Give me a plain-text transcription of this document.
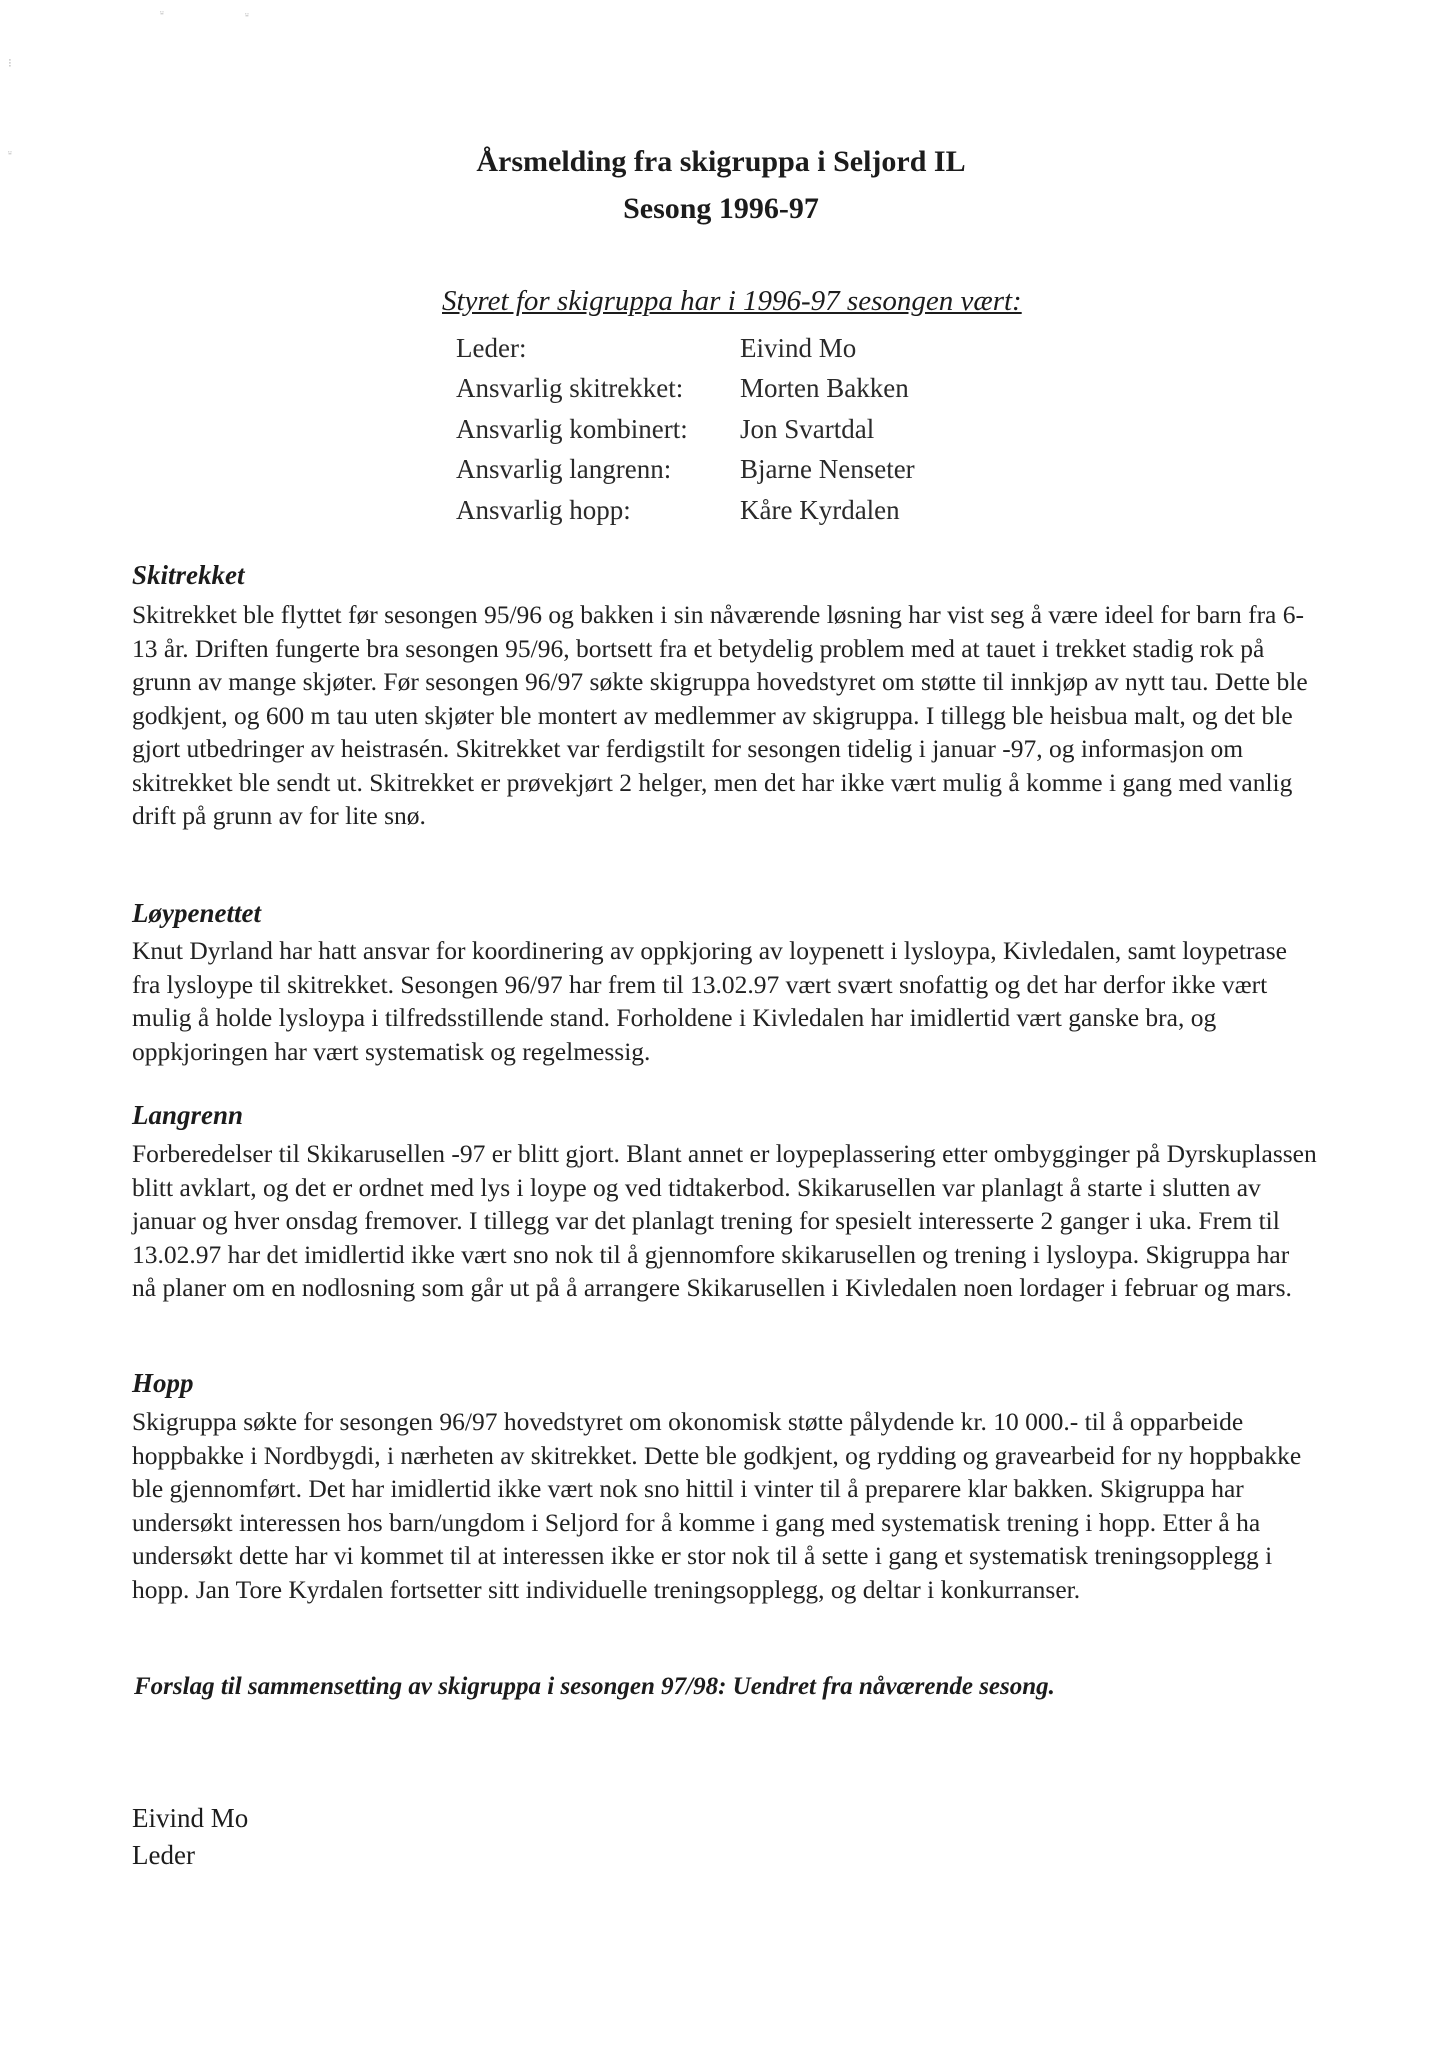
⸚	⸚
⁝
⸚	Årsmelding fra skigruppa i Seljord IL
Sesong 1996-97

Styret for skigruppa har i 1996-97 sesongen vært:

Leder:	Eivind Mo
Ansvarlig skitrekket:	Morten Bakken
Ansvarlig kombinert:	Jon Svartdal
Ansvarlig langrenn:	Bjarne Nenseter
Ansvarlig hopp:	Kåre Kyrdalen
Skitrekket

Skitrekket ble flyttet før sesongen 95/96 og bakken i sin nåværende løsning har vist seg å være ideel for barn fra 6-13 år. Driften fungerte bra sesongen 95/96, bortsett fra et betydelig problem med at tauet i trekket stadig rok på grunn av mange skjøter. Før sesongen 96/97 søkte skigruppa hovedstyret om støtte til innkjøp av nytt tau. Dette ble godkjent, og 600 m tau uten skjøter ble montert av medlemmer av skigruppa. I tillegg ble heisbua malt, og det ble gjort utbedringer av heistrasén. Skitrekket var ferdigstilt for sesongen tidelig i januar -97, og informasjon om skitrekket ble sendt ut. Skitrekket er prøvekjørt 2 helger, men det har ikke vært mulig å komme i gang med vanlig drift på grunn av for lite snø.

Løypenettet

Knut Dyrland har hatt ansvar for koordinering av oppkjoring av loypenett i lysloypa, Kivledalen, samt loypetrase fra lysloype til skitrekket. Sesongen 96/97 har frem til 13.02.97 vært svært snofattig og det har derfor ikke vært mulig å holde lysloypa i tilfredsstillende stand. Forholdene i Kivledalen har imidlertid vært ganske bra, og oppkjoringen har vært systematisk og regelmessig.

Langrenn

Forberedelser til Skikarusellen -97 er blitt gjort. Blant annet er loypeplassering etter ombygginger på Dyrskuplassen blitt avklart, og det er ordnet med lys i loype og ved tidtakerbod. Skikarusellen var planlagt å starte i slutten av januar og hver onsdag fremover. I tillegg var det planlagt trening for spesielt interesserte 2 ganger i uka. Frem til 13.02.97 har det imidlertid ikke vært sno nok til å gjennomfore skikarusellen og trening i lysloypa. Skigruppa har nå planer om en nodlosning som går ut på å arrangere Skikarusellen i Kivledalen noen lordager i februar og mars.

Hopp

Skigruppa søkte for sesongen 96/97 hovedstyret om okonomisk støtte pålydende kr. 10 000.- til å opparbeide hoppbakke i Nordbygdi, i nærheten av skitrekket. Dette ble godkjent, og rydding og gravearbeid for ny hoppbakke ble gjennomført. Det har imidlertid ikke vært nok sno hittil i vinter til å preparere klar bakken. Skigruppa har undersøkt interessen hos barn/ungdom i Seljord for å komme i gang med systematisk trening i hopp. Etter å ha undersøkt dette har vi kommet til at interessen ikke er stor nok til å sette i gang et systematisk treningsopplegg i hopp. Jan Tore Kyrdalen fortsetter sitt individuelle treningsopplegg, og deltar i konkurranser.

Forslag til sammensetting av skigruppa i sesongen 97/98: Uendret fra nåværende sesong.

Eivind Mo
Leder
